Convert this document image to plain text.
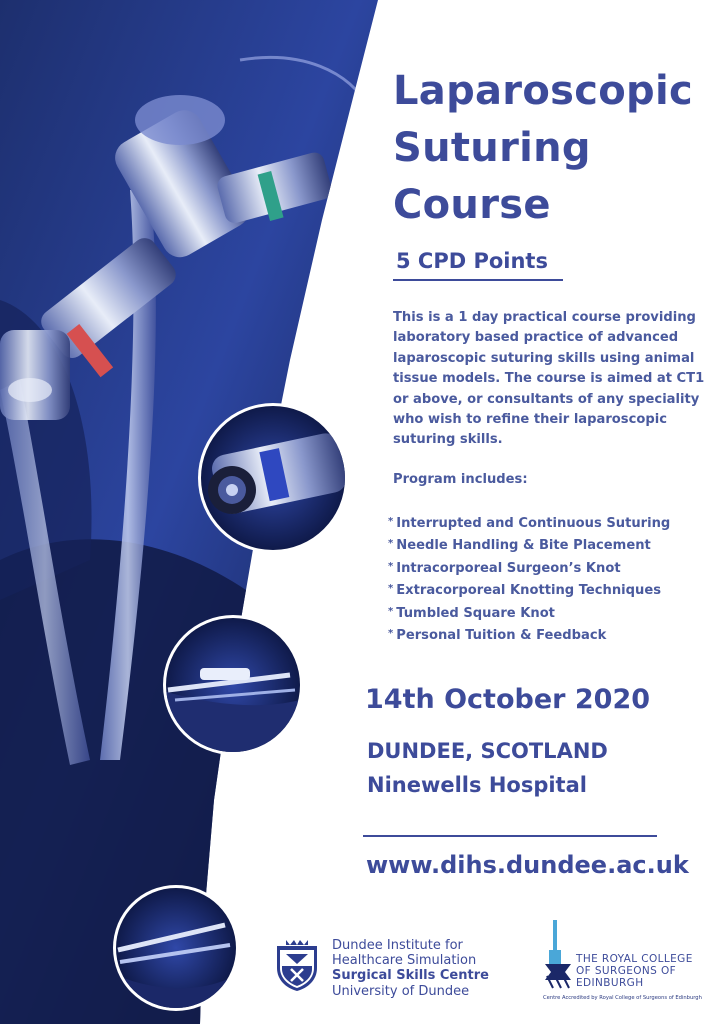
Laparoscopic
Suturing
Course
5 CPD Points

This is a 1 day practical course providing laboratory based practice of advanced laparoscopic suturing skills using animal tissue models. The course is aimed at CT1 or above, or consultants of any speciality who wish to refine their laparoscopic suturing skills.

Program includes:
* Interrupted and Continuous Suturing
* Needle Handling & Bite Placement
* Intracorporeal Surgeon’s Knot
* Extracorporeal Knotting Techniques
* Tumbled Square Knot
* Personal Tuition & Feedback
14th October 2020
DUNDEE, SCOTLAND
Ninewells Hospital
www.dihs.dundee.ac.uk
Dundee Institute for
Healthcare Simulation
Surgical Skills Centre
University of Dundee
THE ROYAL COLLEGE
OF SURGEONS OF
EDINBURGH
Centre Accredited by Royal College of Surgeons of Edinburgh
